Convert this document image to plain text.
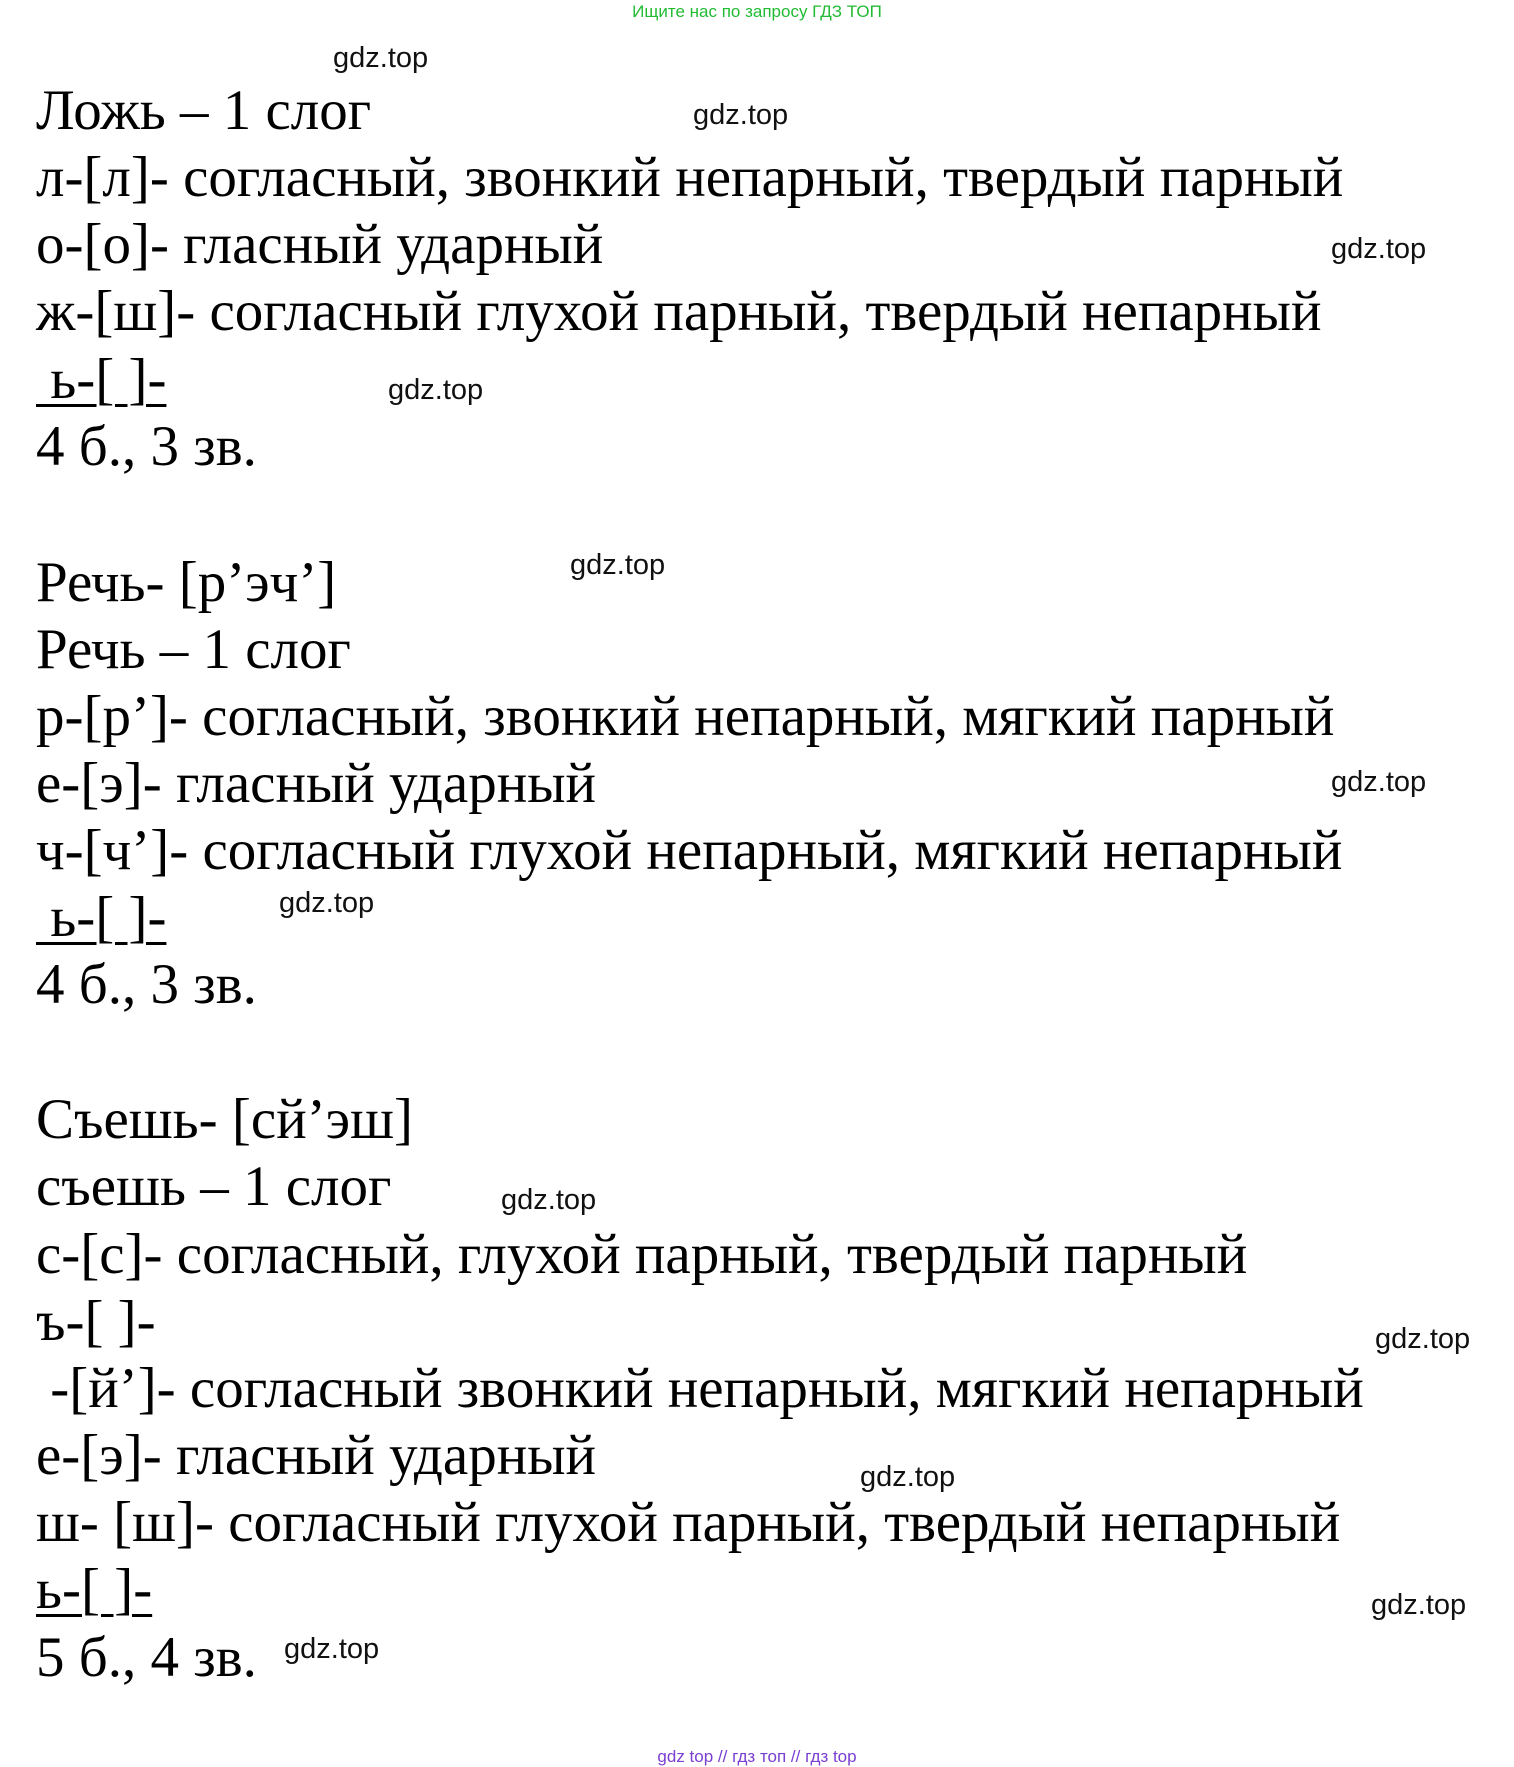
Ищите нас по запросу ГДЗ ТОП
gdz.top
gdz.top
gdz.top
gdz.top
gdz.top
gdz.top
gdz.top
gdz.top
gdz.top
gdz.top
gdz.top
gdz.top
Ложь – 1 слог
л-[л]- согласный, звонкий непарный, твердый парный
о-[о]- гласный ударный
ж-[ш]- согласный глухой парный, твердый непарный
ь-[ ]-
4 б., 3 зв.
Речь- [р’эч’]
Речь – 1 слог
р-[р’]- согласный, звонкий непарный, мягкий парный
е-[э]- гласный ударный
ч-[ч’]- согласный глухой непарный, мягкий непарный
ь-[ ]-
4 б., 3 зв.
Съешь- [сй’эш]
съешь – 1 слог
с-[с]- согласный, глухой парный, твердый парный
ъ-[ ]-
-[й’]- согласный звонкий непарный, мягкий непарный
е-[э]- гласный ударный
ш- [ш]- согласный глухой парный, твердый непарный
ь-[ ]-
5 б., 4 зв.
gdz top // гдз топ // гдз top
